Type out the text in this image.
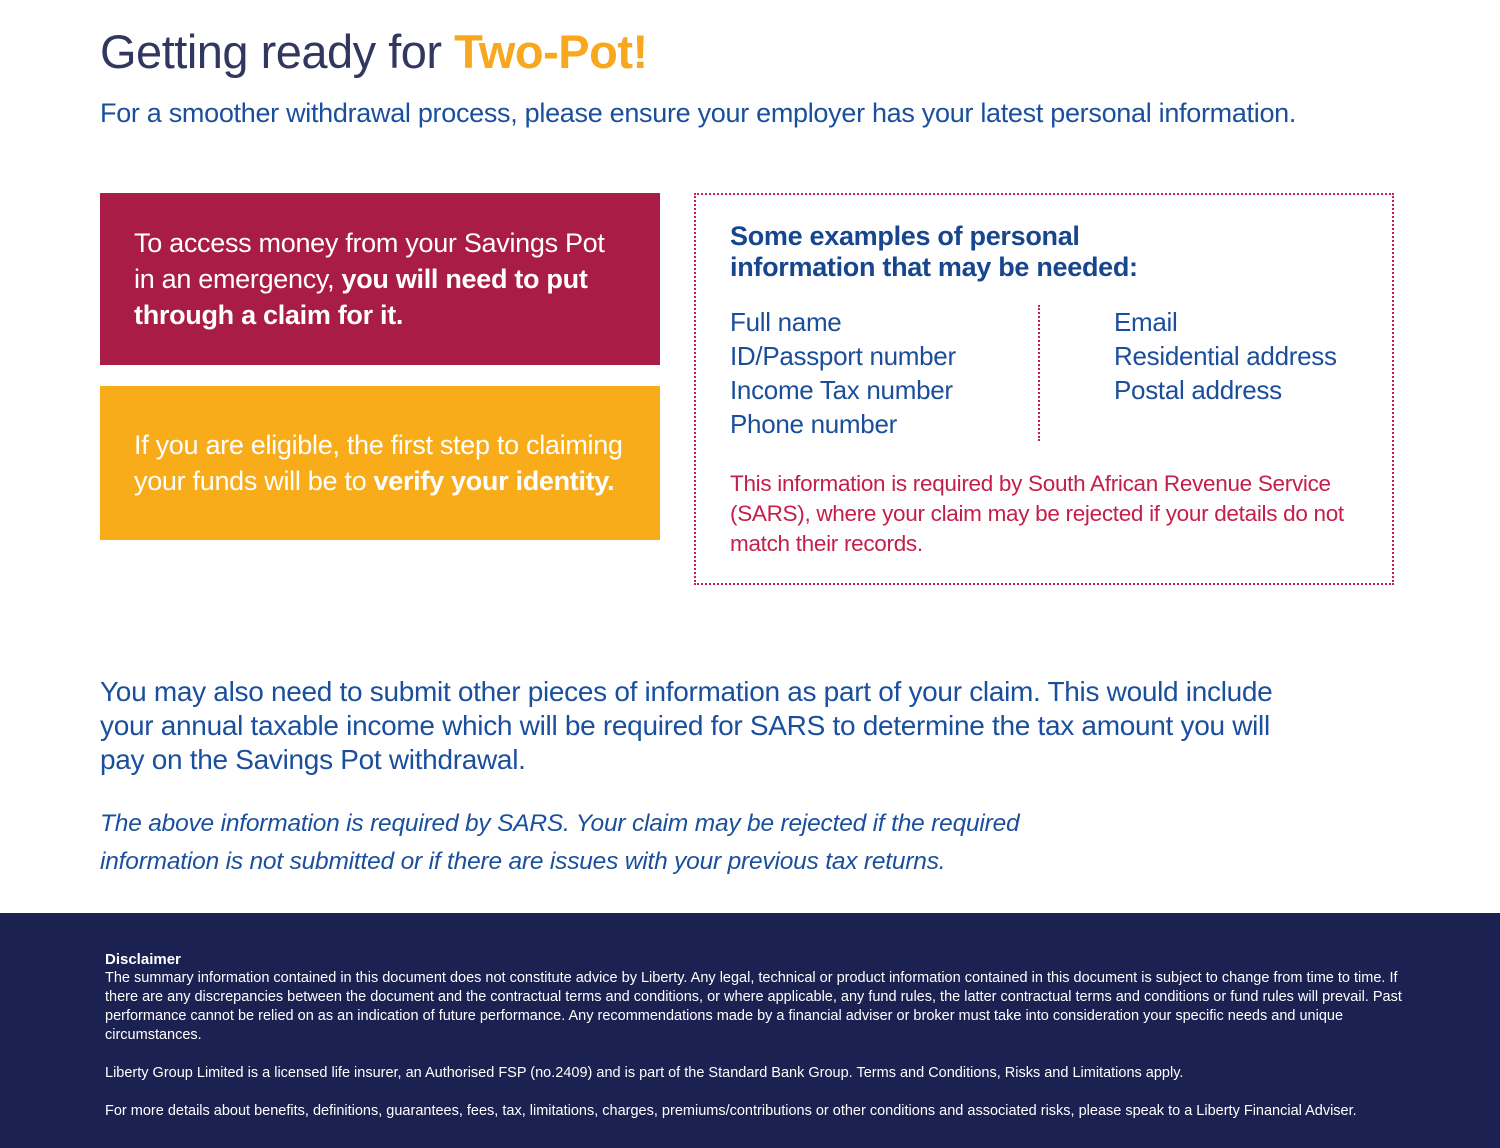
Getting ready for Two-Pot!

For a smoother withdrawal process, please ensure your employer has your latest personal information.

To access money from your Savings Pot in an emergency, you will need to put through a claim for it.

If you are eligible, the first step to claiming your funds will be to verify your identity.

Some examples of personal information that may be needed:
Full name
ID/Passport number
Income Tax number
Phone number
Email
Residential address
Postal address

This information is required by South African Revenue Service (SARS), where your claim may be rejected if your details do not match their records.

You may also need to submit other pieces of information as part of your claim. This would include your annual taxable income which will be required for SARS to determine the tax amount you will pay on the Savings Pot withdrawal.

The above information is required by SARS. Your claim may be rejected if the required information is not submitted or if there are issues with your previous tax returns.

Disclaimer

The summary information contained in this document does not constitute advice by Liberty. Any legal, technical or product information contained in this document is subject to change from time to time. If there are any discrepancies between the document and the contractual terms and conditions, or where applicable, any fund rules, the latter contractual terms and conditions or fund rules will prevail. Past performance cannot be relied on as an indication of future performance. Any recommendations made by a financial adviser or broker must take into consideration your specific needs and unique circumstances.

Liberty Group Limited is a licensed life insurer, an Authorised FSP (no.2409) and is part of the Standard Bank Group. Terms and Conditions, Risks and Limitations apply.

For more details about benefits, definitions, guarantees, fees, tax, limitations, charges, premiums/contributions or other conditions and associated risks, please speak to a Liberty Financial Adviser.
